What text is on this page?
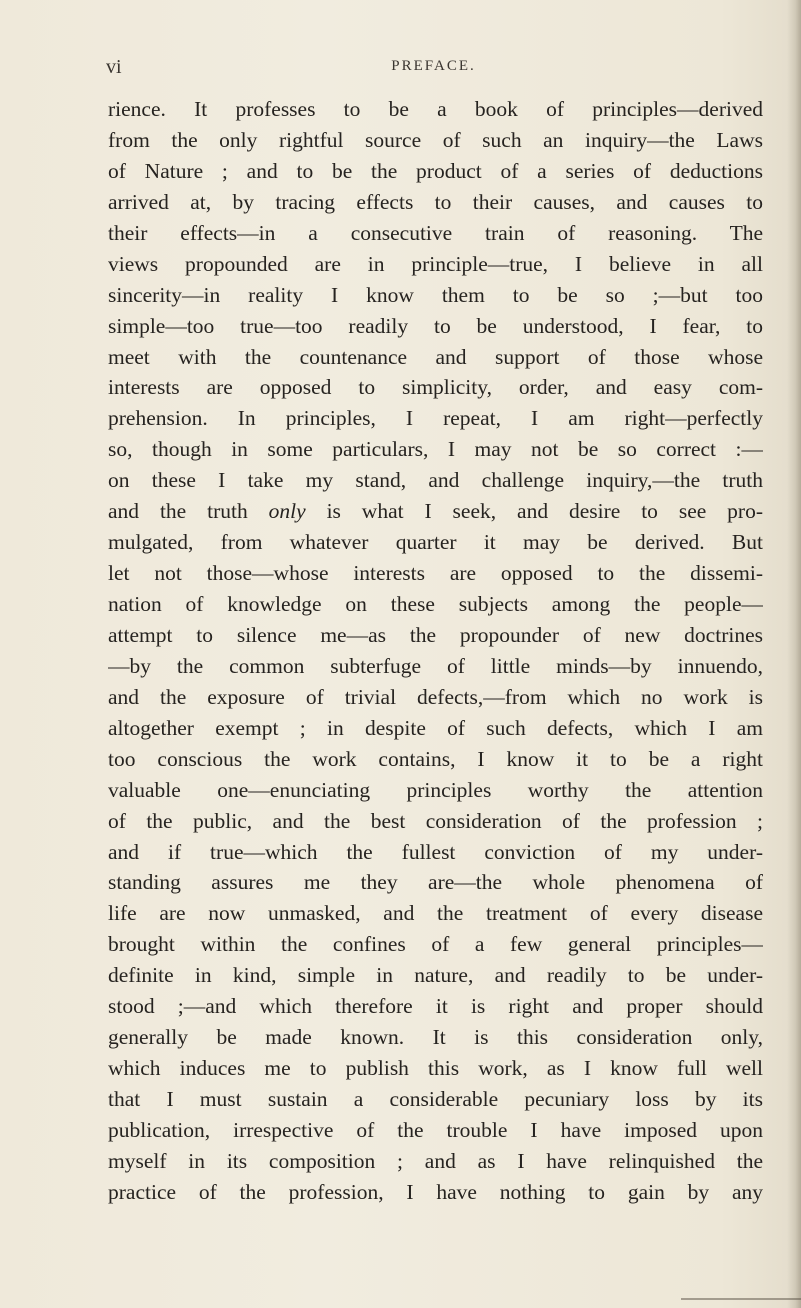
vi	PREFACE.
rience. It professes to be a book of principles—derived
from the only rightful source of such an inquiry—the Laws
of Nature ; and to be the product of a series of deductions
arrived at, by tracing effects to their causes, and causes to
their effects—in a consecutive train of reasoning. The
views propounded are in principle—true, I believe in all
sincerity—in reality I know them to be so ;—but too
simple—too true—too readily to be understood, I fear, to
meet with the countenance and support of those whose
interests are opposed to simplicity, order, and easy com-
prehension. In principles, I repeat, I am right—perfectly
so, though in some particulars, I may not be so correct :—
on these I take my stand, and challenge inquiry,—the truth
and the truth only is what I seek, and desire to see pro-
mulgated, from whatever quarter it may be derived. But
let not those—whose interests are opposed to the dissemi-
nation of knowledge on these subjects among the people—
attempt to silence me—as the propounder of new doctrines
—by the common subterfuge of little minds—by innuendo,
and the exposure of trivial defects,—from which no work is
altogether exempt ; in despite of such defects, which I am
too conscious the work contains, I know it to be a right
valuable one—enunciating principles worthy the attention
of the public, and the best consideration of the profession ;
and if true—which the fullest conviction of my under-
standing assures me they are—the whole phenomena of
life are now unmasked, and the treatment of every disease
brought within the confines of a few general principles—
definite in kind, simple in nature, and readily to be under-
stood ;—and which therefore it is right and proper should
generally be made known. It is this consideration only,
which induces me to publish this work, as I know full well
that I must sustain a considerable pecuniary loss by its
publication, irrespective of the trouble I have imposed upon
myself in its composition ; and as I have relinquished the
practice of the profession, I have nothing to gain by any
